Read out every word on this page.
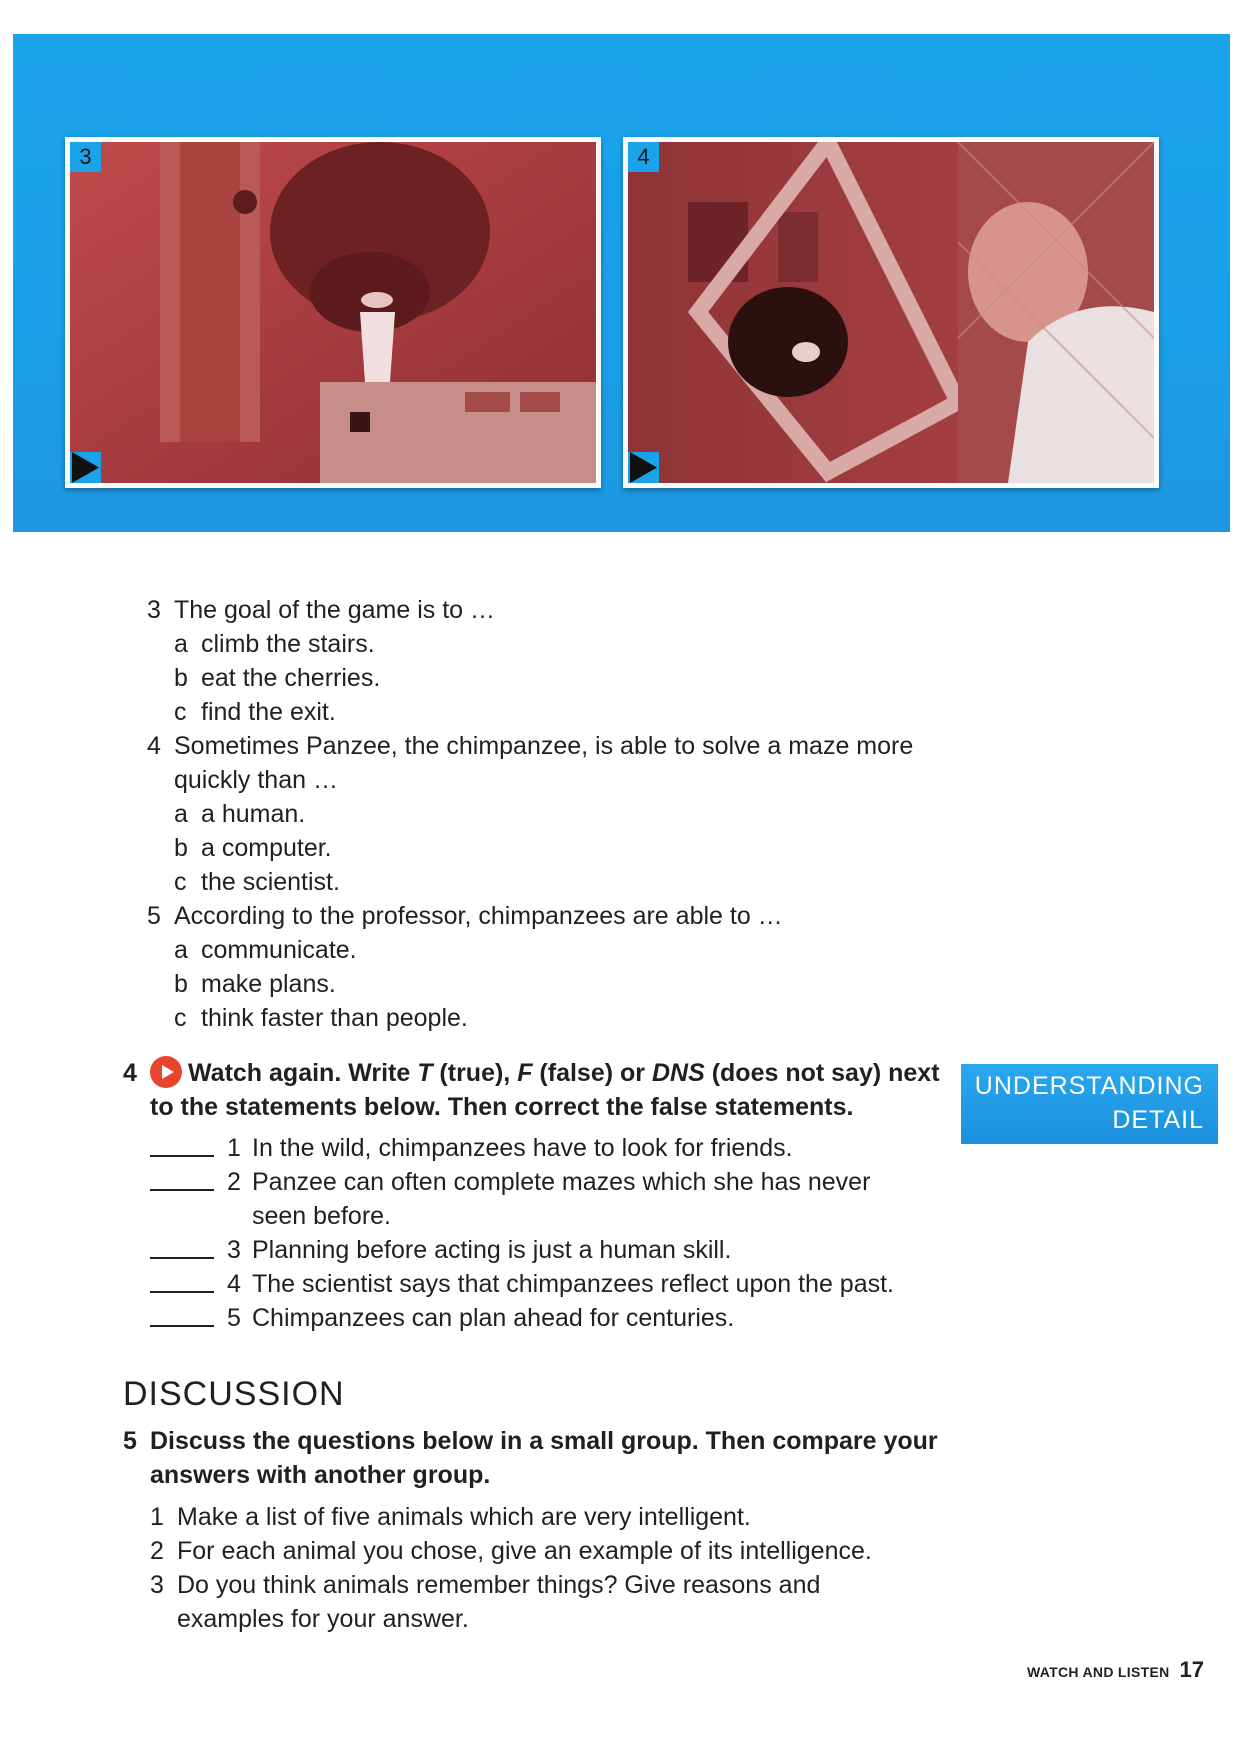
3	4
3 The goal of the game is to …
a climb the stairs.
b eat the cherries.
c find the exit.
4 Sometimes Panzee, the chimpanzee, is able to solve a maze more
quickly than …
a a human.
b a computer.
c the scientist.
5 According to the professor, chimpanzees are able to …
a communicate.
b make plans.
c think faster than people.
4 Watch again. Write T (true), F (false) or DNS (does not say) next
to the statements below. Then correct the false statements.
UNDERSTANDING
DETAIL
1 In the wild, chimpanzees have to look for friends.
2 Panzee can often complete mazes which she has never
seen before.
3 Planning before acting is just a human skill.
4 The scientist says that chimpanzees reflect upon the past.
5 Chimpanzees can plan ahead for centuries.
DISCUSSION
5 Discuss the questions below in a small group. Then compare your
answers with another group.
1 Make a list of five animals which are very intelligent.
2 For each animal you chose, give an example of its intelligence.
3 Do you think animals remember things? Give reasons and
examples for your answer.
WATCH AND LISTEN 17
